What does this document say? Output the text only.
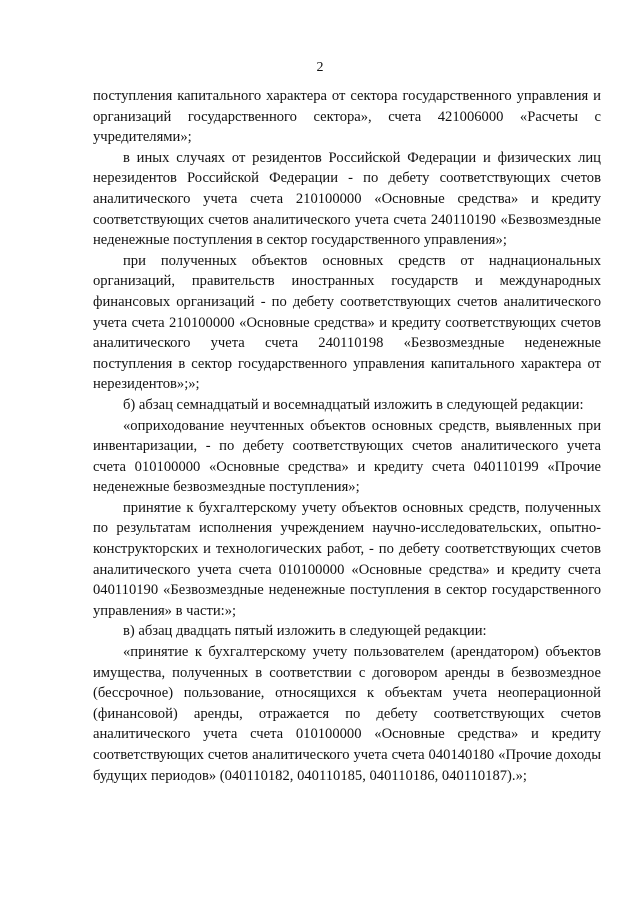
2

поступления капитального характера от сектора государственного управления и организаций государственного сектора», счета 421006000 «Расчеты с учредителями»;

в иных случаях от резидентов Российской Федерации и физических лиц нерезидентов Российской Федерации - по дебету соответствующих счетов аналитического учета счета 210100000 «Основные средства» и кредиту соответствующих счетов аналитического учета счета 240110190 «Безвозмездные неденежные поступления в сектор государственного управления»;

при полученных объектов основных средств от наднациональных организаций, правительств иностранных государств и международных финансовых организаций - по дебету соответствующих счетов аналитического учета счета 210100000 «Основные средства» и кредиту соответствующих счетов аналитического учета счета 240110198 «Безвозмездные неденежные поступления в сектор государственного управления капитального характера от нерезидентов»;»;

б) абзац семнадцатый и восемнадцатый изложить в следующей редакции:

«оприходование неучтенных объектов основных средств, выявленных при инвентаризации, - по дебету соответствующих счетов аналитического учета счета 010100000 «Основные средства» и кредиту счета 040110199 «Прочие неденежные безвозмездные поступления»;

принятие к бухгалтерскому учету объектов основных средств, полученных по результатам исполнения учреждением научно-исследовательских, опытно-конструкторских и технологических работ, - по дебету соответствующих счетов аналитического учета счета 010100000 «Основные средства» и кредиту счета 040110190 «Безвозмездные неденежные поступления в сектор государственного управления» в части:»;

в) абзац двадцать пятый изложить в следующей редакции:

«принятие к бухгалтерскому учету пользователем (арендатором) объектов имущества, полученных в соответствии с договором аренды в безвозмездное (бессрочное) пользование, относящихся к объектам учета неоперационной (финансовой) аренды, отражается по дебету соответствующих счетов аналитического учета счета 010100000 «Основные средства» и кредиту соответствующих счетов аналитического учета счета 040140180 «Прочие доходы будущих периодов» (040110182, 040110185, 040110186, 040110187).»;
